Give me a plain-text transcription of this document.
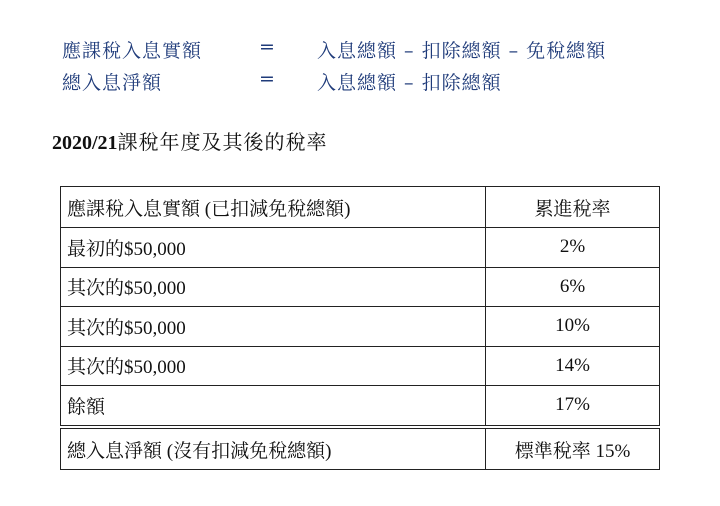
應課稅入息實額	= 入息總額 – 扣除總額 – 免稅總額
總入息淨額	= 入息總額 – 扣除總額
2020/21課稅年度及其後的稅率
應課稅入息實額 (已扣減免稅總額)	累進稅率
最初的$50,000	2%
其次的$50,000	6%
其次的$50,000	10%
其次的$50,000	14%
餘額	17%
總入息淨額 (沒有扣減免稅總額)	標準稅率 15%
